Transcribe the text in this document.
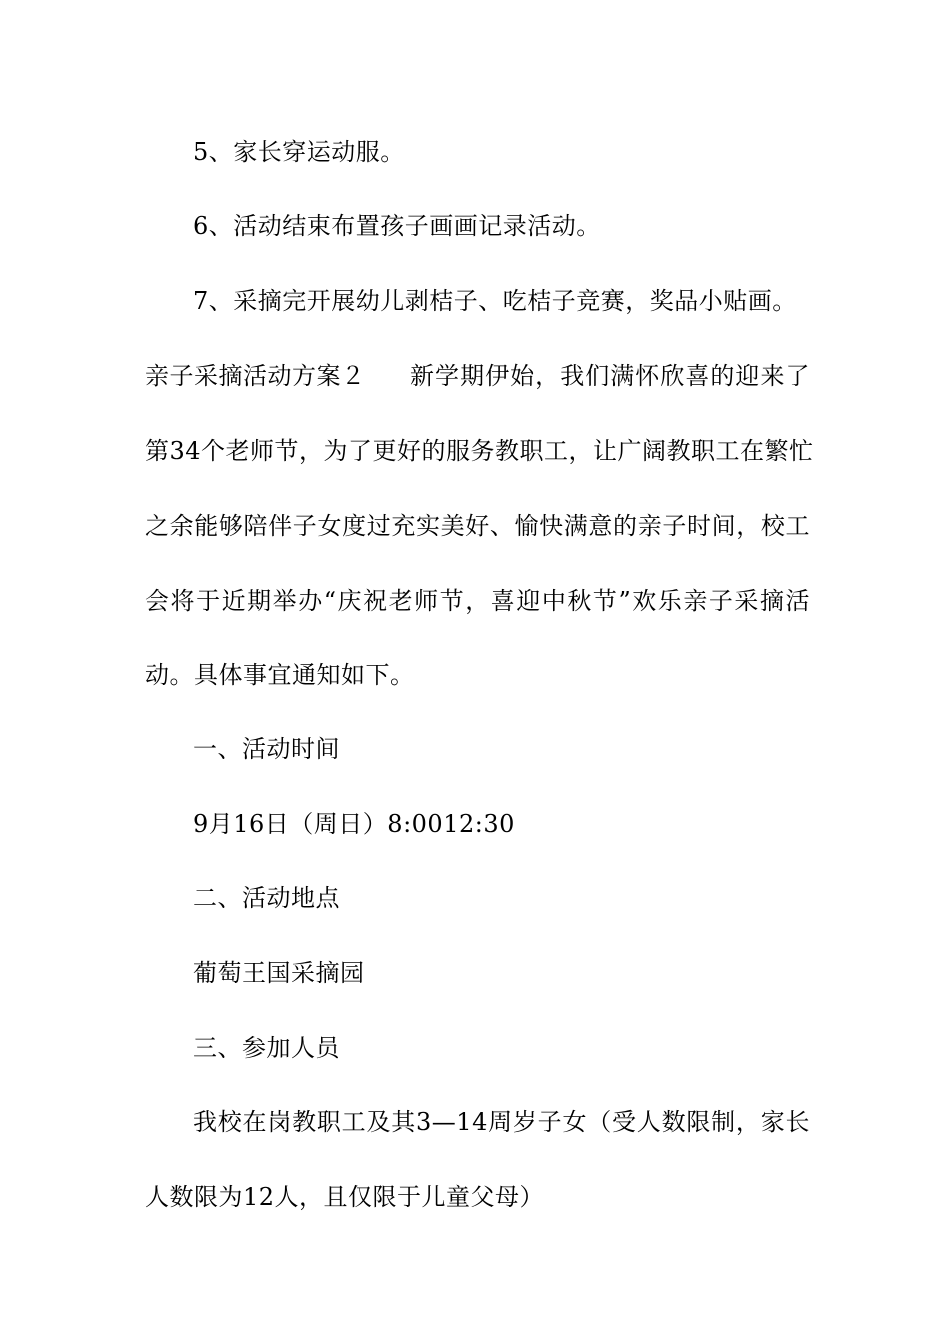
5、家长穿运动服。
6、活动结束布置孩子画画记录活动。
7、采摘完开展幼儿剥桔子、吃桔子竞赛，奖品小贴画。
亲子采摘活动方案２	新学期伊始，我们满怀欣喜的迎来了
第34个老师节，为了更好的服务教职工，让广阔教职工在繁忙
之余能够陪伴子女度过充实美好、愉快满意的亲子时间，校工
会将于近期举办“庆祝老师节，喜迎中秋节”欢乐亲子采摘活
动。具体事宜通知如下。
一、活动时间
9月16日（周日）8:0012:30
二、活动地点
葡萄王国采摘园
三、参加人员
我校在岗教职工及其3—14周岁子女（受人数限制，家长
人数限为12人，且仅限于儿童父母）
